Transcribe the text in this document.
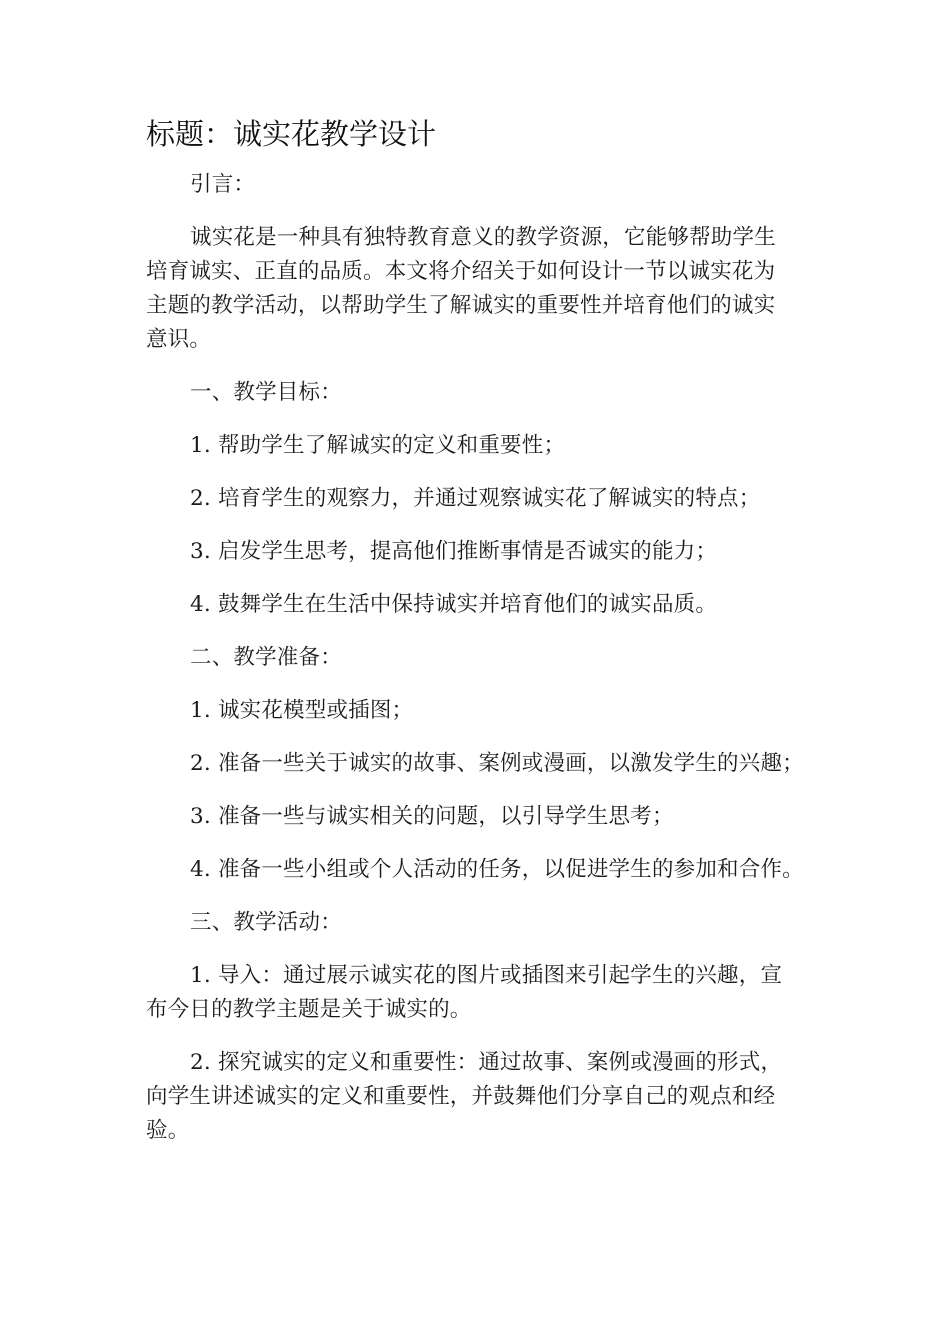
标题：诚实花教学设计

引言：

诚实花是一种具有独特教育意义的教学资源，它能够帮助学生
培育诚实、正直的品质。本文将介绍关于如何设计一节以诚实花为
主题的教学活动，以帮助学生了解诚实的重要性并培育他们的诚实
意识。

一、教学目标：

1. 帮助学生了解诚实的定义和重要性；

2. 培育学生的观察力，并通过观察诚实花了解诚实的特点；

3. 启发学生思考，提高他们推断事情是否诚实的能力；

4. 鼓舞学生在生活中保持诚实并培育他们的诚实品质。

二、教学准备：

1. 诚实花模型或插图；

2. 准备一些关于诚实的故事、案例或漫画，以激发学生的兴趣；

3. 准备一些与诚实相关的问题，以引导学生思考；

4. 准备一些小组或个人活动的任务，以促进学生的参加和合作。

三、教学活动：

1. 导入：通过展示诚实花的图片或插图来引起学生的兴趣，宣
布今日的教学主题是关于诚实的。

2. 探究诚实的定义和重要性：通过故事、案例或漫画的形式，
向学生讲述诚实的定义和重要性，并鼓舞他们分享自己的观点和经
验。
